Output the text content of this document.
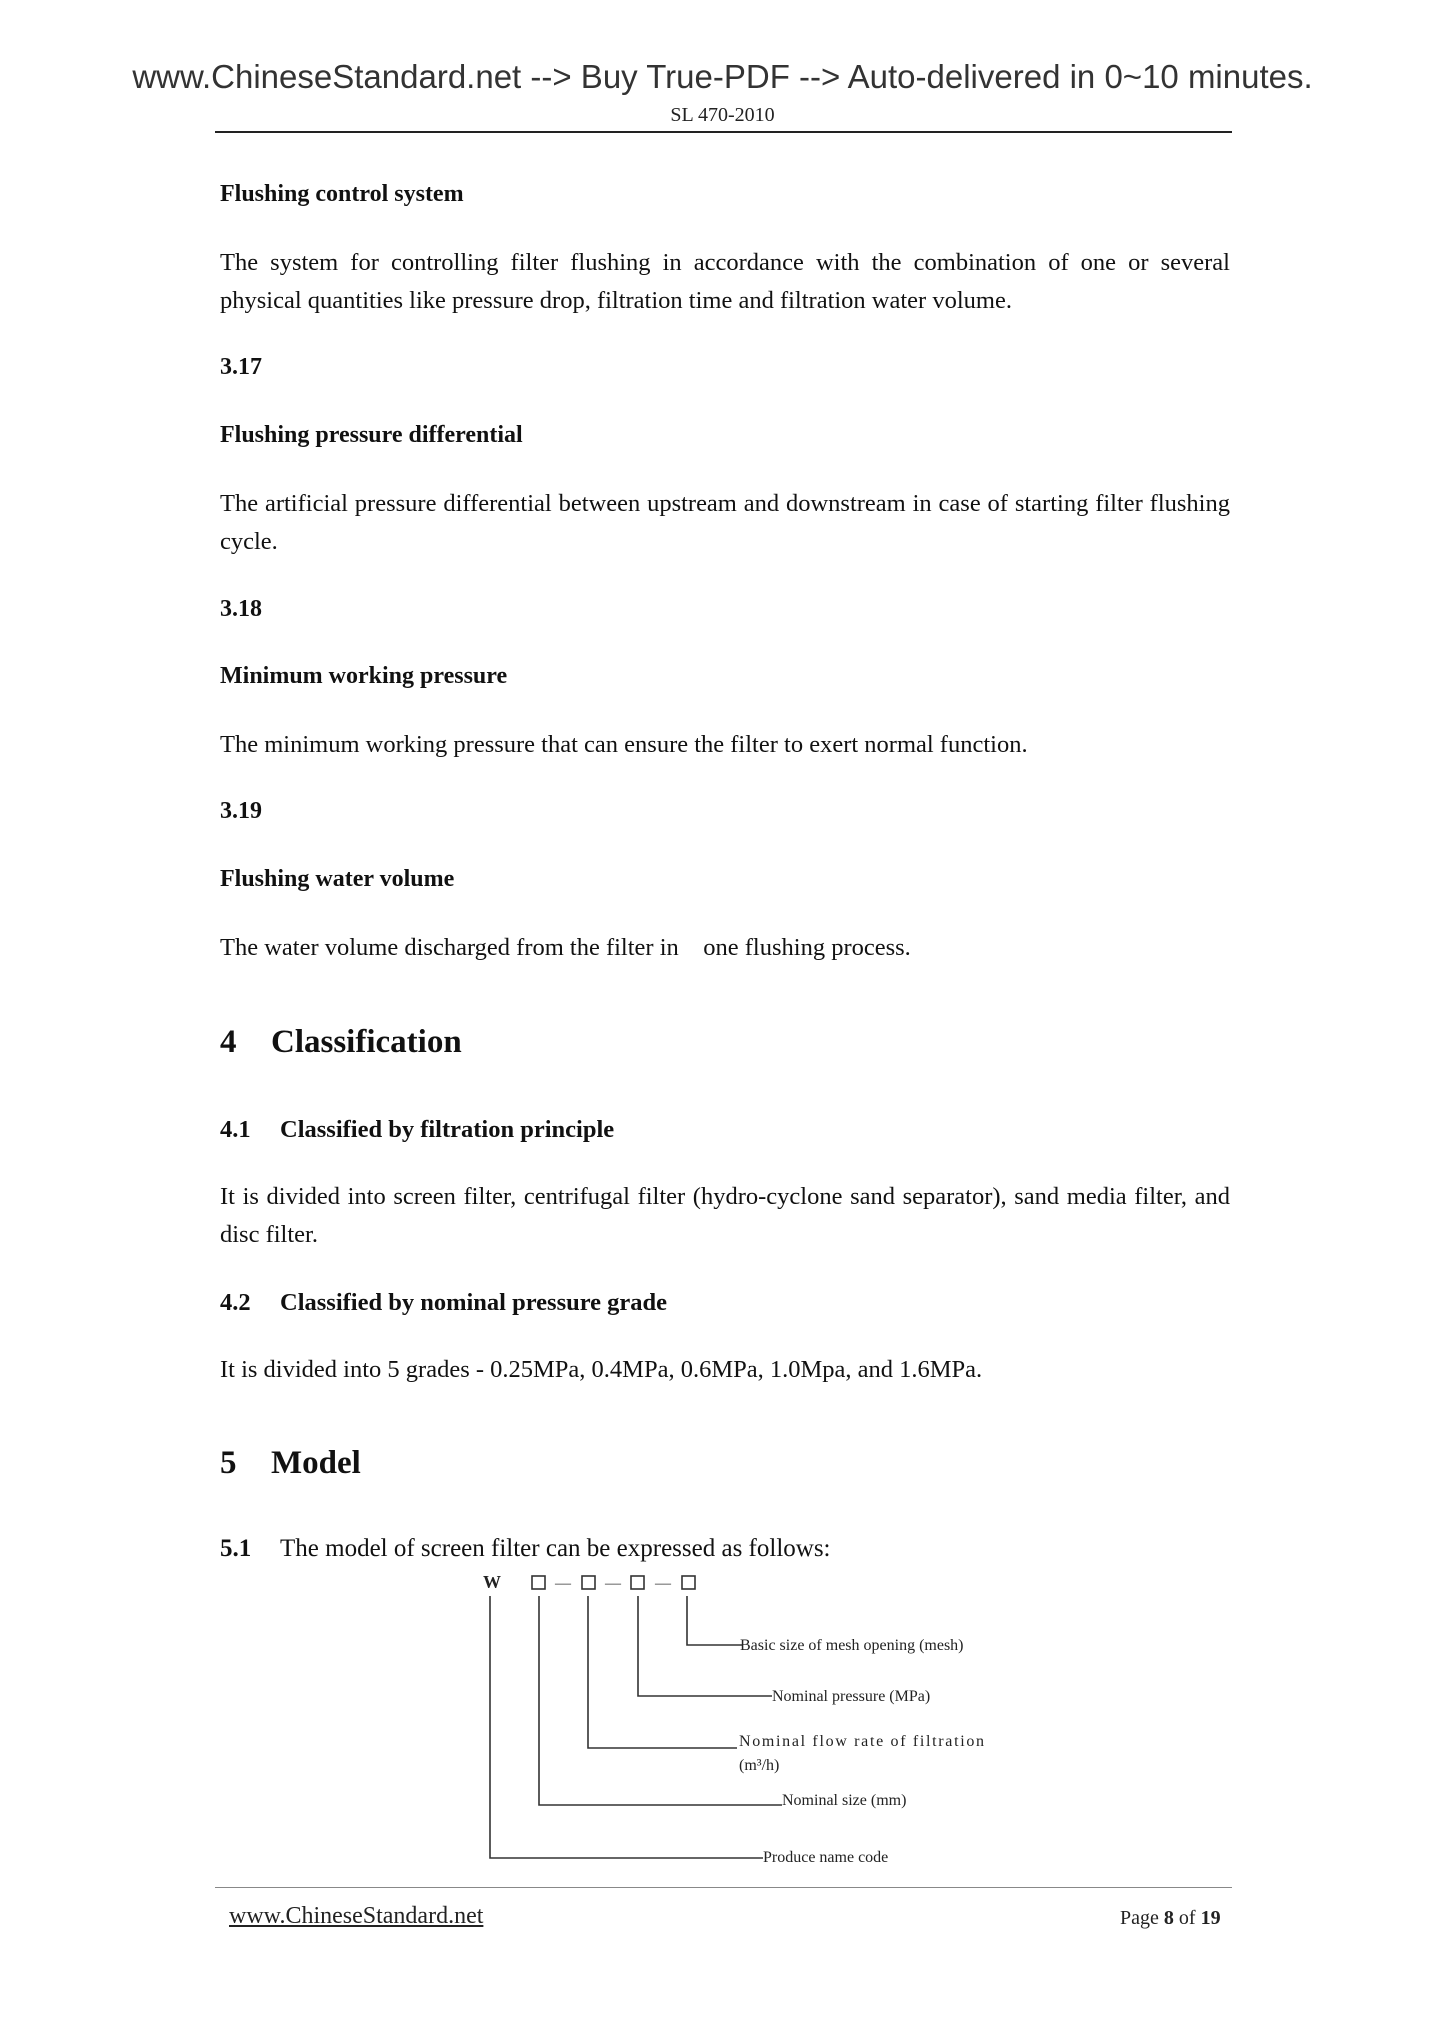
www.ChineseStandard.net --> Buy True-PDF --> Auto-delivered in 0~10 minutes.
SL 470-2010
Flushing control system
The system for controlling filter flushing in accordance with the combination of one or several physical quantities like pressure drop, filtration time and filtration water volume.
3.17
Flushing pressure differential
The artificial pressure differential between upstream and downstream in case of starting filter flushing cycle.
3.18
Minimum working pressure
The minimum working pressure that can ensure the filter to exert normal function.
3.19
Flushing water volume
The water volume discharged from the filter in    one flushing process.
4 Classification
4.1 Classified by filtration principle
It is divided into screen filter, centrifugal filter (hydro-cyclone sand separator), sand media filter, and disc filter.
4.2 Classified by nominal pressure grade
It is divided into 5 grades - 0.25MPa, 0.4MPa, 0.6MPa, 1.0Mpa, and 1.6MPa.
5 Model
5.1 The model of screen filter can be expressed as follows:
W	— — —
Basic size of mesh opening (mesh)
Nominal pressure (MPa)
Nominal flow rate of filtration
(m³/h)
Nominal size (mm)
Produce name code
www.ChineseStandard.net	Page 8 of 19
